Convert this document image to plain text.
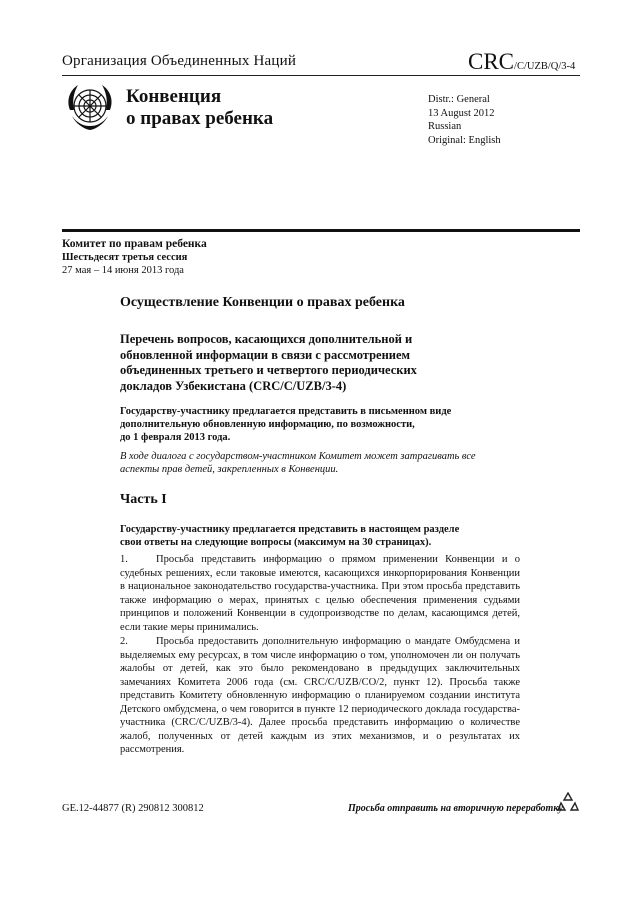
Организация Объединенных Наций	CRC/C/UZB/Q/3-4
Конвенция
о правах ребенка
Distr.: General
13 August 2012
Russian
Original: English
Комитет по правам ребенка
Шестьдесят третья сессия
27 мая – 14 июня 2013 года
Осуществление Конвенции о правах ребенка
Перечень вопросов, касающихся дополнительной и
обновленной информации в связи с рассмотрением
объединенных третьего и четвертого периодических
докладов Узбекистана (CRC/C/UZB/3-4)
Государству-участнику предлагается представить в письменном виде
дополнительную обновленную информацию, по возможности,
до 1 февраля 2013 года.
В ходе диалога с государством-участником Комитет может затрагивать все
аспекты прав детей, закрепленных в Конвенции.
Часть I
Государству-участнику предлагается представить в настоящем разделе
свои ответы на следующие вопросы (максимум на 30 страницах).
1.	Просьба представить информацию о прямом применении Конвенции и о судебных решениях, если таковые имеются, касающихся инкорпорирования Конвенции в национальное законодательство государства-участника. При этом просьба представить также информацию о мерах, принятых с целью обеспечения применения судьями принципов и положений Конвенции в судопроизводстве по делам, касающимся детей, если такие меры принимались.
2.	Просьба предоставить дополнительную информацию о мандате Омбудсмена и выделяемых ему ресурсах, в том числе информацию о том, уполномочен ли он получать жалобы от детей, как это было рекомендовано в предыдущих заключительных замечаниях Комитета 2006 года (см. CRC/C/UZB/CO/2, пункт 12). Просьба также представить Комитету обновленную информацию о планируемом создании института Детского омбудсмена, о чем говорится в пункте 12 периодического доклада государства-участника (CRC/C/UZB/3-4). Далее просьба представить информацию о количестве жалоб, полученных от детей каждым из этих механизмов, и о результатах их рассмотрения.
GE.12-44877 (R) 290812 300812	Просьба отправить на вторичную переработку
